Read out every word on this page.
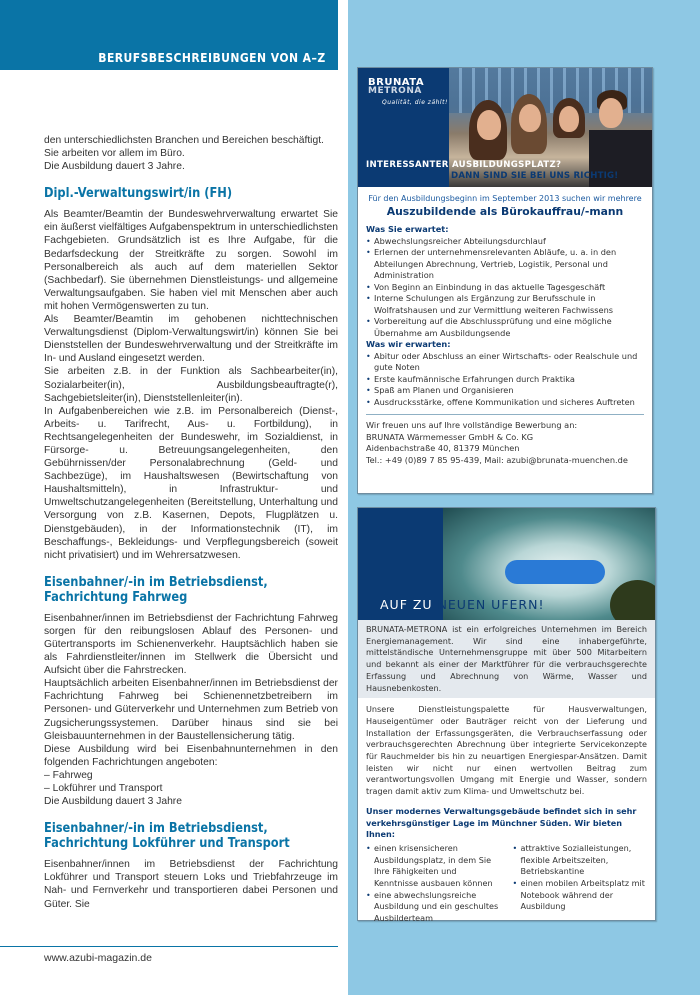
BERUFSBESCHREIBUNGEN VON A–Z

den unterschiedlichsten Branchen und Bereichen beschäftigt.

Sie arbeiten vor allem im Büro.

Die Ausbildung dauert 3 Jahre.

Dipl.-Verwaltungswirt/in (FH)

Als Beamter/Beamtin der Bundeswehrverwaltung erwartet Sie ein äußerst vielfältiges Aufgabenspektrum in unterschiedlichsten Fachgebieten. Grundsätzlich ist es Ihre Aufgabe, für die Bedarfsdeckung der Streitkräfte zu sorgen. Sowohl im Personalbereich als auch auf dem materiellen Sektor (Sachbedarf). Sie übernehmen Dienstleistungs- und allgemeine Verwaltungsaufgaben. Sie haben viel mit Menschen aber auch mit hohen Vermögenswerten zu tun.

Als Beamter/Beamtin im gehobenen nichttechnischen Verwaltungsdienst (Diplom-Verwaltungswirt/in) können Sie bei Dienststellen der Bundeswehrverwaltung und der Streitkräfte im In- und Ausland eingesetzt werden.

Sie arbeiten z.B. in der Funktion als Sachbearbeiter(in), Sozialarbeiter(in), Ausbildungsbeauftragte(r), Sachgebietsleiter(in), Dienststellenleiter(in).

In Aufgabenbereichen wie z.B. im Personalbereich (Dienst-, Arbeits- u. Tarifrecht, Aus- u. Fortbildung), in Rechtsangelegenheiten der Bundeswehr, im Sozialdienst, in Fürsorge- u. Betreuungsangelegenheiten, den Gebührnissen/der Personalabrechnung (Geld- und Sachbezüge), im Haushaltswesen (Bewirtschaftung von Haushaltsmitteln), in Infrastruktur- und Umweltschutzangelegenheiten (Bereitstellung, Unterhaltung und Versorgung von z.B. Kasernen, Depots, Flugplätzen u. Dienstgebäuden), in der Informationstechnik (IT), im Beschaffungs-, Bekleidungs- und Verpflegungsbereich (soweit nicht privatisiert) und im Wehrersatzwesen.

Eisenbahner/-in im Betriebsdienst, Fachrichtung Fahrweg

Eisenbahner/innen im Betriebsdienst der Fachrichtung Fahrweg sorgen für den reibungslosen Ablauf des Personen- und Gütertransports im Schienenverkehr. Hauptsächlich haben sie als Fahrdienstleiter/innen im Stellwerk die Übersicht und Aufsicht über die Fahrstrecken.

Hauptsächlich arbeiten Eisenbahner/innen im Betriebsdienst der Fachrichtung Fahrweg bei Schienennetzbetreibern im Personen- und Güterverkehr und Unternehmen zum Betrieb von Zugsicherungssystemen. Darüber hinaus sind sie bei Gleisbauunternehmen in der Baustellensicherung tätig.

Diese Ausbildung wird bei Eisenbahnunternehmen in den folgenden Fachrichtungen angeboten:

– Fahrweg

– Lokführer und Transport

Die Ausbildung dauert 3 Jahre

Eisenbahner/-in im Betriebsdienst, Fachrichtung Lokführer und Transport

Eisenbahner/innen im Betriebsdienst der Fachrichtung Lokführer und Transport steuern Loks und Triebfahrzeuge im Nah- und Fernverkehr und transportieren dabei Personen und Güter. Sie

www.azubi-magazin.de
BRUNATA
METRONA
Qualität, die zählt!
INTERESSANTER AUSBILDUNGSPLATZ?
DANN SIND SIE BEI UNS RICHTIG!
Für den Ausbildungsbeginn im September 2013 suchen wir mehrere
Auszubildende als Bürokauffrau/-mann
Was Sie erwartet:
• Abwechslungsreicher Abteilungsdurchlauf
• Erlernen der unternehmensrelevanten Abläufe, u. a. in den Abteilungen Abrechnung, Vertrieb, Logistik, Personal und Administration
• Von Beginn an Einbindung in das aktuelle Tagesgeschäft
• Interne Schulungen als Ergänzung zur Berufsschule in Wolfratshausen und zur Vermittlung weiteren Fachwissens
• Vorbereitung auf die Abschlussprüfung und eine mögliche Übernahme am Ausbildungsende
Was wir erwarten:
• Abitur oder Abschluss an einer Wirtschafts- oder Realschule und gute Noten
• Erste kaufmännische Erfahrungen durch Praktika
• Spaß am Planen und Organisieren
• Ausdrucksstärke, offene Kommunikation und sicheres Auftreten
Wir freuen uns auf Ihre vollständige Bewerbung an:
BRUNATA Wärmemesser GmbH & Co. KG
Aidenbachstraße 40, 81379 München
Tel.: +49 (0)89 7 85 95-439, Mail: azubi@brunata-muenchen.de
AUF ZU NEUEN UFERN!
BRUNATA-METRONA ist ein erfolgreiches Unternehmen im Bereich Energiemanagement. Wir sind eine inhabergeführte, mittelständische Unternehmensgruppe mit über 500 Mitarbeitern und bekannt als einer der Marktführer für die verbrauchsgerechte Erfassung und Abrechnung von Wärme, Wasser und Hausnebenkosten.

Unsere Dienstleistungspalette für Hausverwaltungen, Hauseigentümer oder Bauträger reicht von der Lieferung und Installation der Erfassungsgeräten, die Verbrauchserfassung oder verbrauchsgerechten Abrechnung über integrierte Servicekonzepte für Rauchmelder bis hin zu neuartigen Energiespar-Ansätzen. Damit leisten wir nicht nur einen wertvollen Beitrag zum verantwortungsvollen Umgang mit Energie und Wasser, sondern tragen damit aktiv zum Klima- und Umweltschutz bei.

Unser modernes Verwaltungsgebäude befindet sich in sehr verkehrsgünstiger Lage im Münchner Süden. Wir bieten Ihnen:
• einen krisensicheren Ausbildungsplatz, in dem Sie Ihre Fähigkeiten und Kenntnisse ausbauen können
• eine abwechslungsreiche Ausbildung und ein geschultes Ausbilderteam
• attraktive Sozialleistungen, flexible Arbeitszeiten, Betriebskantine
• einen mobilen Arbeitsplatz mit Notebook während der Ausbildung
